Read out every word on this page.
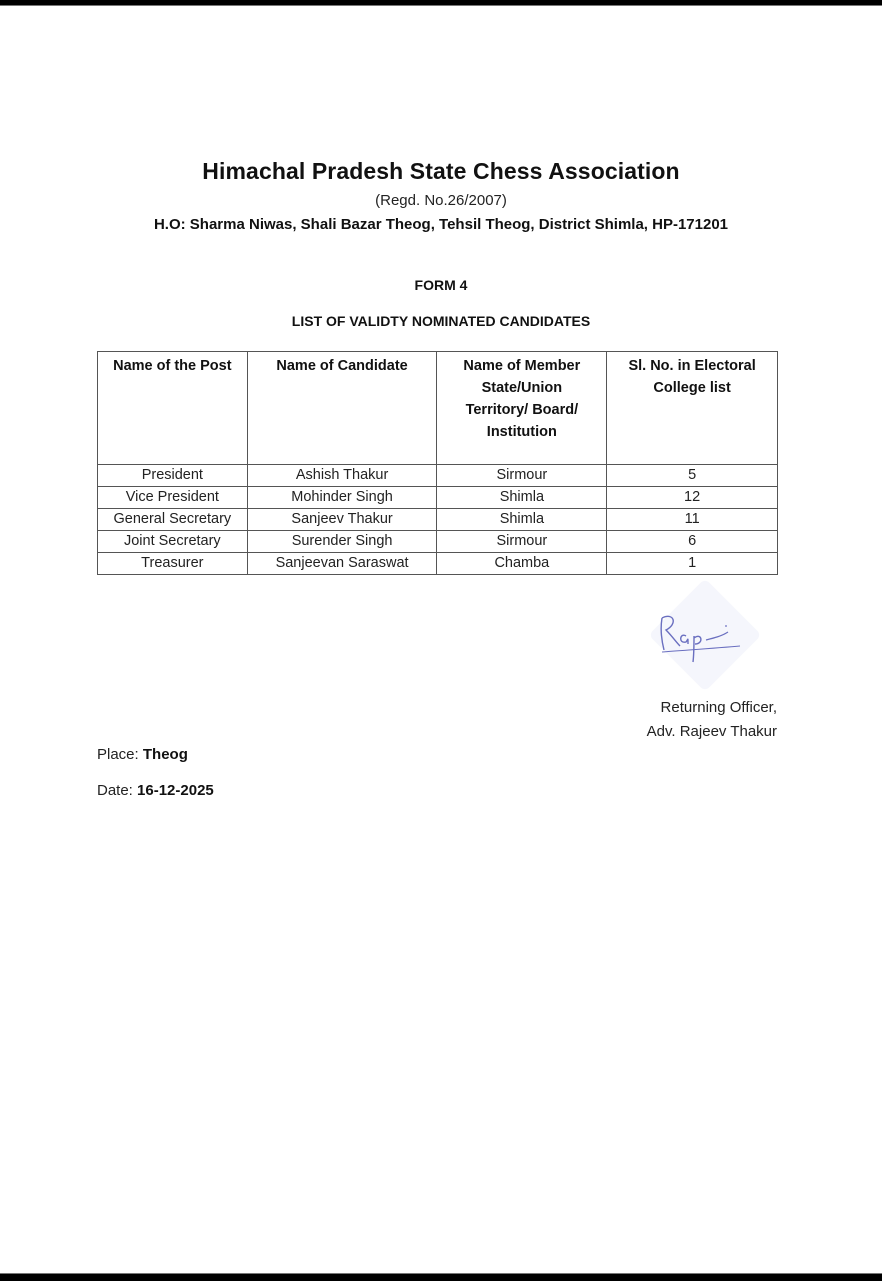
Himachal Pradesh State Chess Association
(Regd. No.26/2007)
H.O: Sharma Niwas, Shali Bazar Theog, Tehsil Theog, District Shimla, HP-171201
FORM 4
LIST OF VALIDTY NOMINATED CANDIDATES
Name of the Post	Name of Candidate	Name of Member State/Union Territory/ Board/ Institution	Sl. No. in Electoral College list

President	Ashish Thakur	Sirmour	5
Vice President	Mohinder Singh	Shimla	12
General Secretary	Sanjeev Thakur	Shimla	11
Joint Secretary	Surender Singh	Sirmour	6
Treasurer	Sanjeevan Saraswat	Chamba	1
Returning Officer,
Adv. Rajeev Thakur
Place: Theog
Date: 16-12-2025
